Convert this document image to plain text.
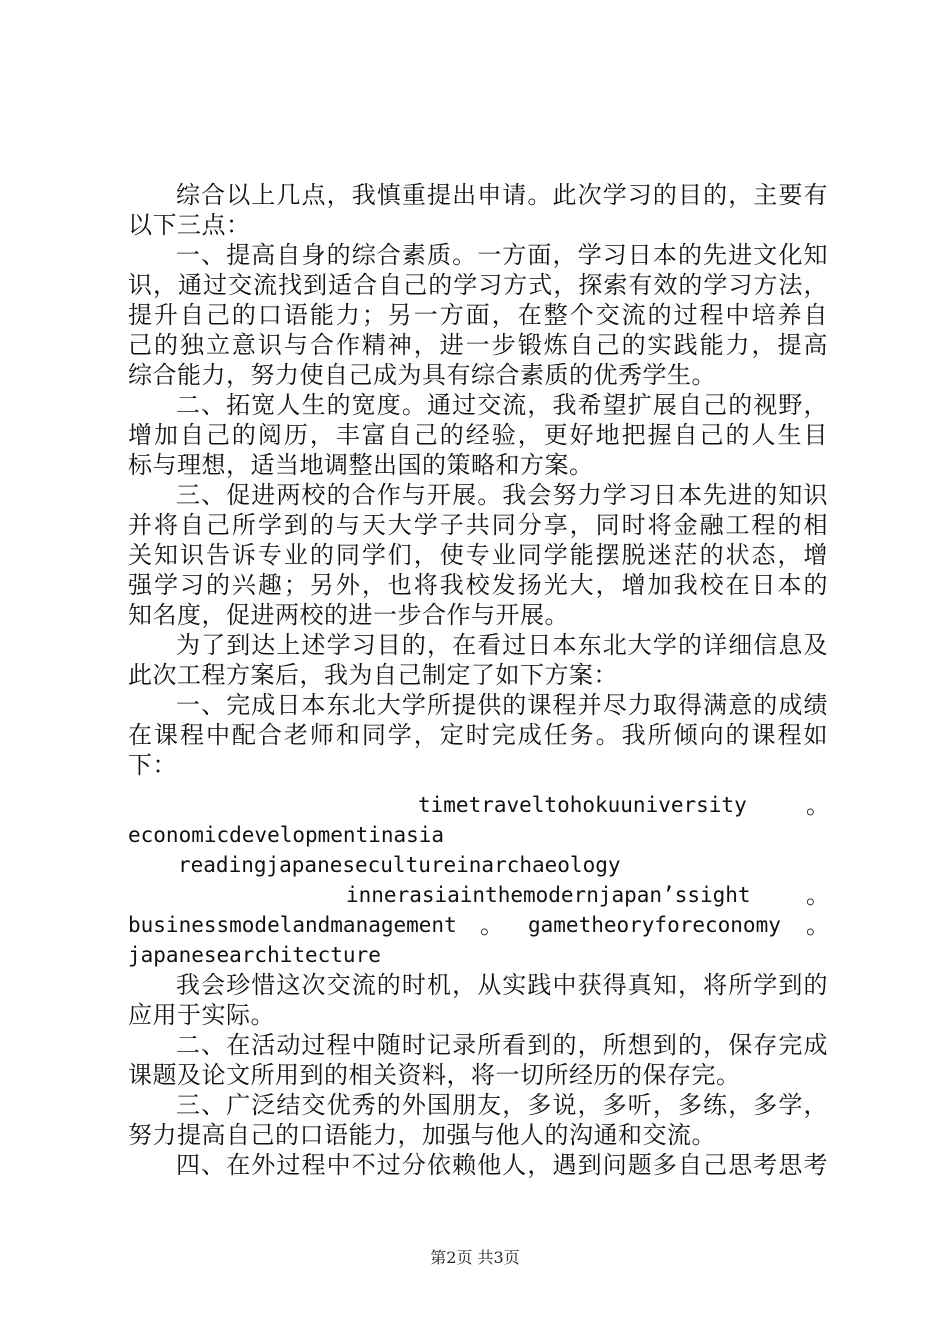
综合以上几点，我慎重提出申请。此次学习的目的，主要有
以下三点：
一、提高自身的综合素质。一方面，学习日本的先进文化知
识，通过交流找到适合自己的学习方式，探索有效的学习方法，
提升自己的口语能力；另一方面，在整个交流的过程中培养自
己的独立意识与合作精神，进一步锻炼自己的实践能力，提高
综合能力，努力使自己成为具有综合素质的优秀学生。
二、拓宽人生的宽度。通过交流，我希望扩展自己的视野，
增加自己的阅历，丰富自己的经验，更好地把握自己的人生目
标与理想，适当地调整出国的策略和方案。
三、促进两校的合作与开展。我会努力学习日本先进的知识
并将自己所学到的与天大学子共同分享，同时将金融工程的相
关知识告诉专业的同学们，使专业同学能摆脱迷茫的状态，增
强学习的兴趣；另外，也将我校发扬光大，增加我校在日本的
知名度，促进两校的进一步合作与开展。
为了到达上述学习目的，在看过日本东北大学的详细信息及
此次工程方案后，我为自己制定了如下方案：
一、完成日本东北大学所提供的课程并尽力取得满意的成绩
在课程中配合老师和同学，定时完成任务。我所倾向的课程如
下：
timetraveltohokuuniversity	。
economicdevelopmentinasia
readingjapanesecultureinarchaeology
innerasiainthemodernjapan’ssight	。
businessmodelandmanagement 。 gametheoryforeconomy	。
japanesearchitecture
我会珍惜这次交流的时机，从实践中获得真知，将所学到的
应用于实际。
二、在活动过程中随时记录所看到的，所想到的，保存完成
课题及论文所用到的相关资料，将一切所经历的保存完。
三、广泛结交优秀的外国朋友，多说，多听，多练，多学，
努力提高自己的口语能力，加强与他人的沟通和交流。
四、在外过程中不过分依赖他人，遇到问题多自己思考思考
第2页 共3页
